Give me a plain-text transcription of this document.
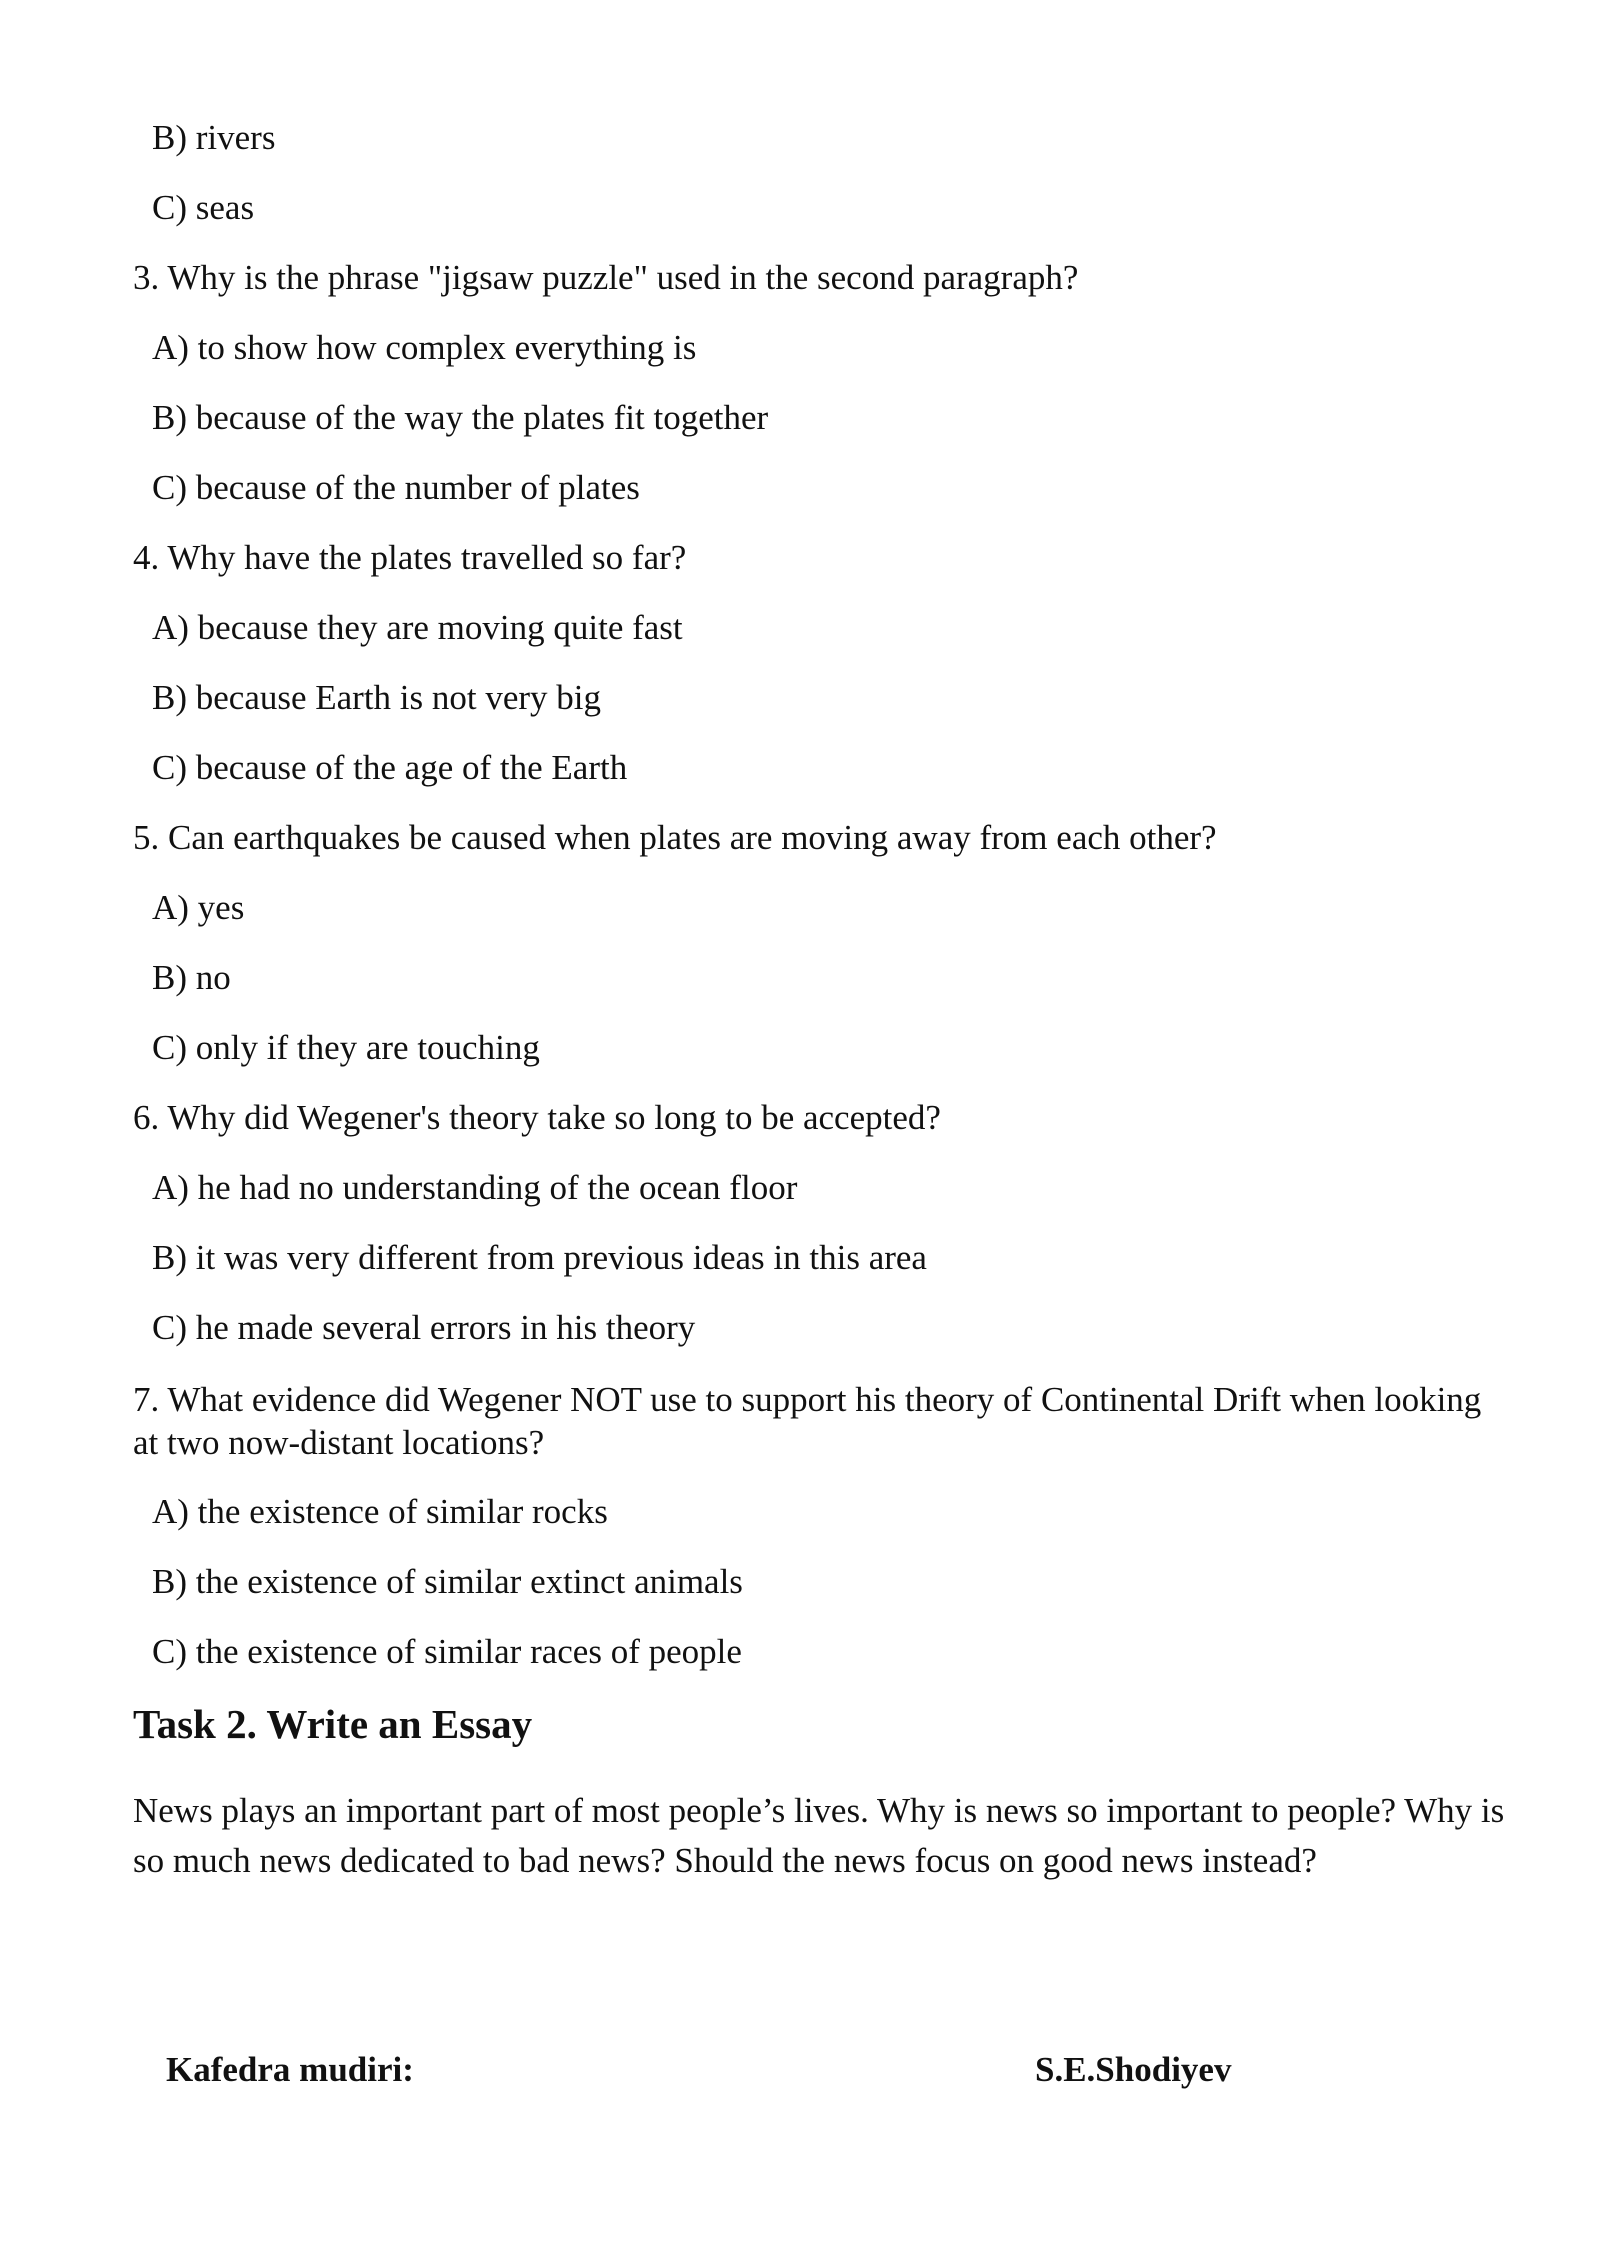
B) rivers

C) seas

3. Why is the phrase "jigsaw puzzle" used in the second paragraph?

A) to show how complex everything is

B) because of the way the plates fit together

C) because of the number of plates

4. Why have the plates travelled so far?

A) because they are moving quite fast

B) because Earth is not very big

C) because of the age of the Earth

5. Can earthquakes be caused when plates are moving away from each other?

A) yes

B) no

C) only if they are touching

6. Why did Wegener's theory take so long to be accepted?

A) he had no understanding of the ocean floor

B) it was very different from previous ideas in this area

C) he made several errors in his theory

7. What evidence did Wegener NOT use to support his theory of Continental Drift when looking at two now-distant locations?

A) the existence of similar rocks

B) the existence of similar extinct animals

C) the existence of similar races of people

Task 2. Write an Essay

News plays an important part of most people’s lives. Why is news so important to people? Why is so much news dedicated to bad news? Should the news focus on good news instead?

Kafedra mudiri:	S.E.Shodiyev
